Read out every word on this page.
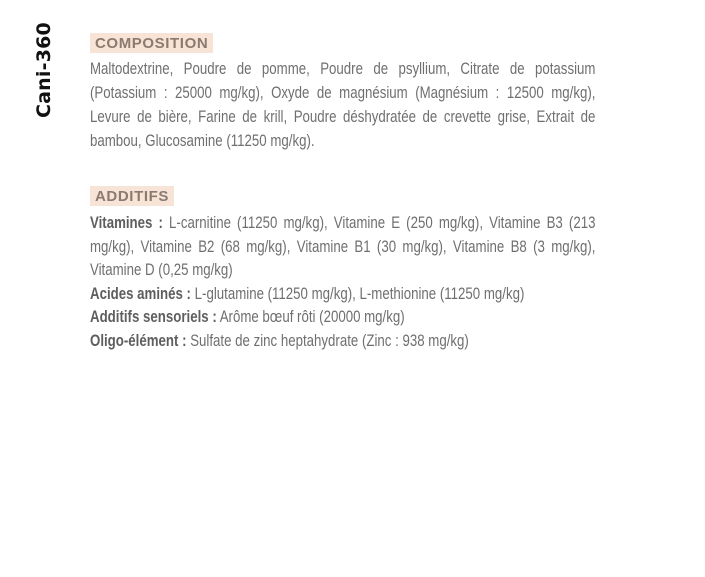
Cani-360	COMPOSITION
Maltodextrine, Poudre de pomme, Poudre de psyllium, Citrate de potassium (Potassium : 25000 mg/kg), Oxyde de magnésium (Magnésium : 12500 mg/kg), Levure de bière, Farine de krill, Poudre déshydratée de crevette grise, Extrait de bambou, Glucosamine (11250 mg/kg).
ADDITIFS
Vitamines : L-carnitine (11250 mg/kg), Vitamine E (250 mg/kg), Vitamine B3 (213 mg/kg), Vitamine B2 (68 mg/kg), Vitamine B1 (30 mg/kg), Vitamine B8 (3 mg/kg), Vitamine D (0,25 mg/kg)
Acides aminés : L-glutamine (11250 mg/kg), L-methionine (11250 mg/kg)
Additifs sensoriels : Arôme bœuf rôti (20000 mg/kg)
Oligo-élément : Sulfate de zinc heptahydrate (Zinc : 938 mg/kg)
